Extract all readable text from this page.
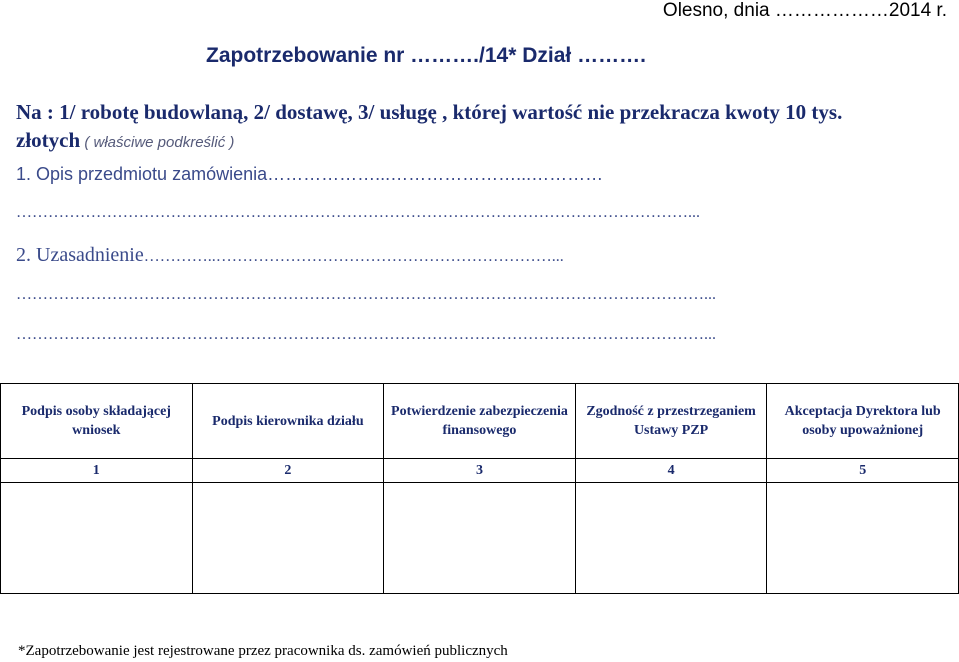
Olesno, dnia ………………2014 r.
Zapotrzebowanie nr ………./14* Dział ……….
Na : 1/ robotę budowlaną, 2/ dostawę, 3/ usługę , której wartość nie przekracza kwoty 10 tys.
złotych ( właściwe podkreślić )
1. Opis przedmiotu zamówienia………………...…………………...…………
………………………………………………………………………………………………………………...
2. Uzasadnienie…………..………………………………………………………...
…………………………………………………………………………………………………………………...
…………………………………………………………………………………………………………………...
Podpis osoby składającej wniosek	Podpis kierownika działu	Potwierdzenie zabezpieczenia finansowego	Zgodność z przestrzeganiem Ustawy PZP	Akceptacja Dyrektora lub osoby upoważnionej
1	2	3	4	5

*Zapotrzebowanie jest rejestrowane przez pracownika ds. zamówień publicznych
